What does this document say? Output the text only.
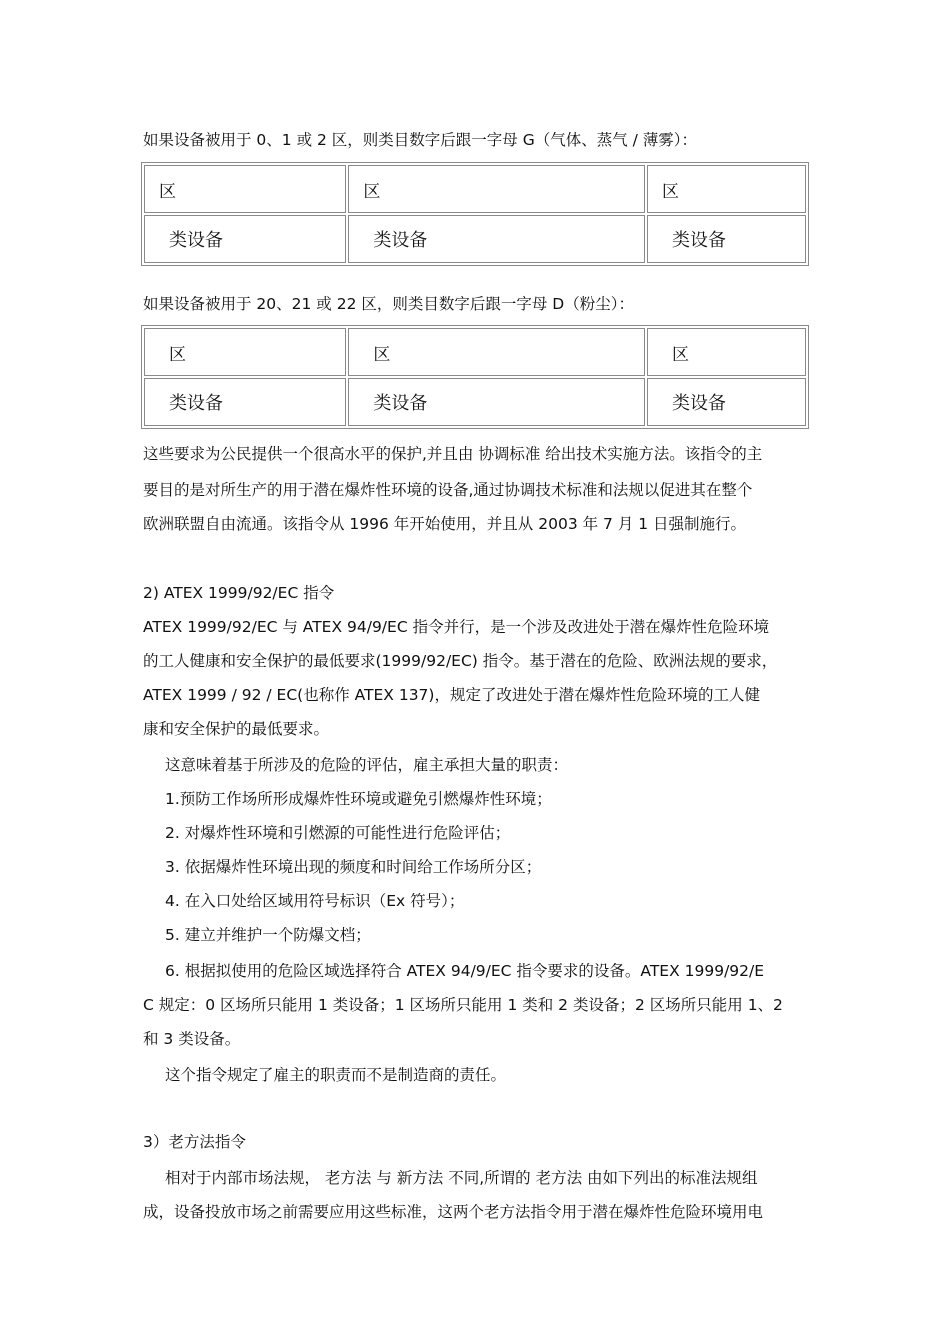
如果设备被用于 0、1 或 2 区，则类目数字后跟一字母 G（气体、蒸气 / 薄雾）：
区	区	区
类设备	类设备	类设备
如果设备被用于 20、21 或 22 区，则类目数字后跟一字母 D（粉尘）：
区	区	区
类设备	类设备	类设备
这些要求为公民提供一个很高水平的保护,并且由 协调标准 给出技术实施方法。该指令的主
要目的是对所生产的用于潜在爆炸性环境的设备,通过协调技术标准和法规以促进其在整个
欧洲联盟自由流通。该指令从 1996 年开始使用，并且从 2003 年 7 月 1 日强制施行。
2) ATEX 1999/92/EC 指令
ATEX 1999/92/EC 与 ATEX 94/9/EC 指令并行，是一个涉及改进处于潜在爆炸性危险环境
的工人健康和安全保护的最低要求(1999/92/EC) 指令。基于潜在的危险、欧洲法规的要求，
ATEX 1999 / 92 / EC(也称作 ATEX 137)，规定了改进处于潜在爆炸性危险环境的工人健
康和安全保护的最低要求。
这意味着基于所涉及的危险的评估，雇主承担大量的职责：
1.预防工作场所形成爆炸性环境或避免引燃爆炸性环境；
2. 对爆炸性环境和引燃源的可能性进行危险评估；
3. 依据爆炸性环境出现的频度和时间给工作场所分区；
4. 在入口处给区域用符号标识（Ex 符号）；
5. 建立并维护一个防爆文档；
6. 根据拟使用的危险区域选择符合 ATEX 94/9/EC 指令要求的设备。ATEX 1999/92/E
C 规定：0 区场所只能用 1 类设备；1 区场所只能用 1 类和 2 类设备；2 区场所只能用 1、2
和 3 类设备。
这个指令规定了雇主的职责而不是制造商的责任。
3）老方法指令
相对于内部市场法规， 老方法 与 新方法 不同,所谓的 老方法 由如下列出的标准法规组
成，设备投放市场之前需要应用这些标准，这两个老方法指令用于潜在爆炸性危险环境用电
